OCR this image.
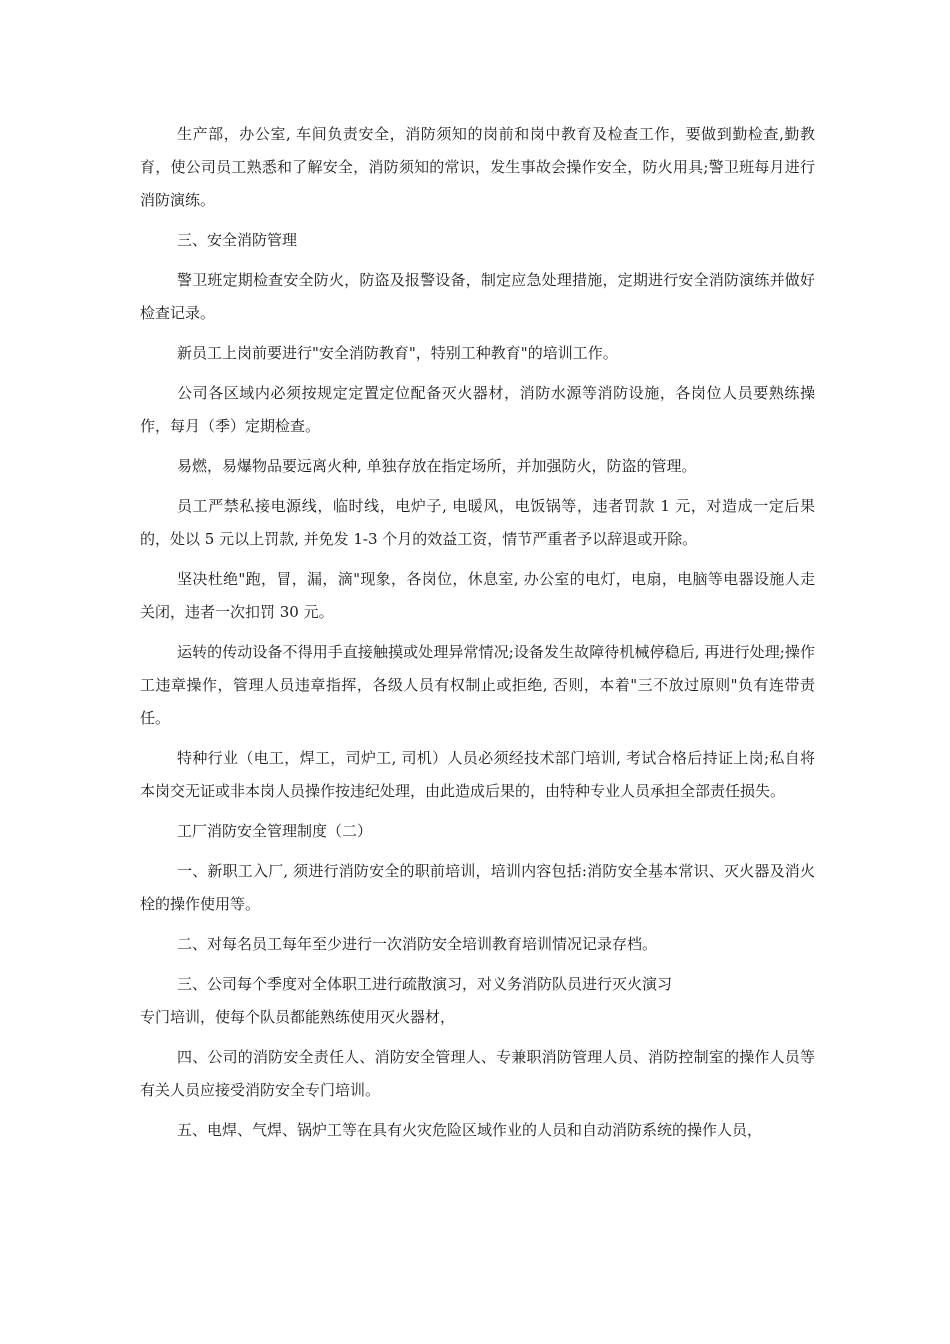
生产部，办公室, 车间负责安全，消防须知的岗前和岗中教育及检查工作，要做到勤检查,勤教育，使公司员工熟悉和了解安全，消防须知的常识，发生事故会操作安全，防火用具;警卫班每月进行消防演练。

三、安全消防管理

警卫班定期检查安全防火，防盗及报警设备，制定应急处理措施，定期进行安全消防演练并做好检查记录。

新员工上岗前要进行"安全消防教育"，特别工种教育"的培训工作。

公司各区域内必须按规定定置定位配备灭火器材，消防水源等消防设施，各岗位人员要熟练操作，每月（季）定期检查。

易燃，易爆物品要远离火种, 单独存放在指定场所，并加强防火，防盗的管理。

员工严禁私接电源线，临时线，电炉子, 电暖风，电饭锅等，违者罚款 1 元，对造成一定后果的，处以 5 元以上罚款, 并免发 1-3 个月的效益工资，情节严重者予以辞退或开除。

坚决杜绝"跑，冒，漏，滴"现象，各岗位，休息室, 办公室的电灯，电扇，电脑等电器设施人走关闭，违者一次扣罚 30 元。

运转的传动设备不得用手直接触摸或处理异常情况;设备发生故障待机械停稳后, 再进行处理;操作工违章操作，管理人员违章指挥，各级人员有权制止或拒绝, 否则，本着"三不放过原则"负有连带责任。

特种行业（电工，焊工，司炉工, 司机）人员必须经技术部门培训, 考试合格后持证上岗;私自将本岗交无证或非本岗人员操作按违纪处理，由此造成后果的，由特种专业人员承担全部责任损失。

工厂消防安全管理制度（二）

一、新职工入厂, 须进行消防安全的职前培训，培训内容包括:消防安全基本常识、灭火器及消火栓的操作使用等。

二、对每名员工每年至少进行一次消防安全培训教育培训情况记录存档。

三、公司每个季度对全体职工进行疏散演习，对义务消防队员进行灭火演习

专门培训，使每个队员都能熟练使用灭火器材，

四、公司的消防安全责任人、消防安全管理人、专兼职消防管理人员、消防控制室的操作人员等有关人员应接受消防安全专门培训。

五、电焊、气焊、锅炉工等在具有火灾危险区域作业的人员和自动消防系统的操作人员，
